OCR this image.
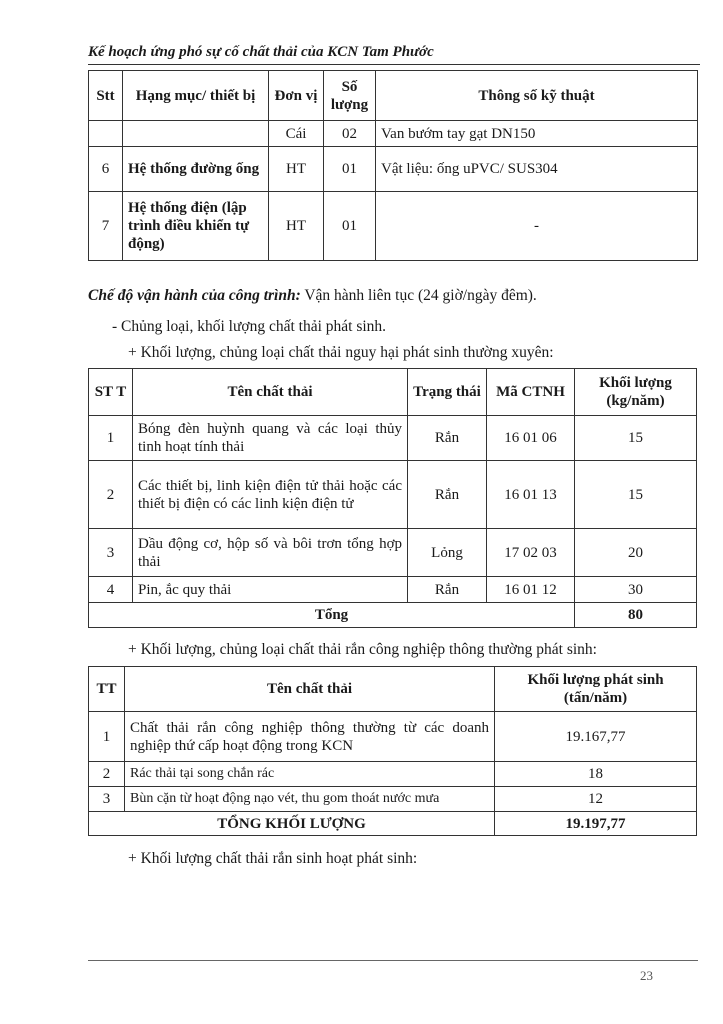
Kế hoạch ứng phó sự cố chất thải của KCN Tam Phước
Stt	Hạng mục/ thiết bị	Đơn vị	Số lượng	Thông số kỹ thuật
		Cái	02	Van bướm tay gạt DN150
6	Hệ thống đường ống	HT	01	Vật liệu: ống uPVC/ SUS304
7	Hệ thống điện (lập trình điều khiển tự động)	HT	01	-
Chế độ vận hành của công trình: Vận hành liên tục (24 giờ/ngày đêm).
- Chủng loại, khối lượng chất thải phát sinh.
+ Khối lượng, chủng loại chất thải nguy hại phát sinh thường xuyên:
ST T	Tên chất thải	Trạng thái	Mã CTNH	Khối lượng (kg/năm)
1	Bóng đèn huỳnh quang và các loại thủy tinh hoạt tính thải	Rắn	16 01 06	15
2	Các thiết bị, linh kiện điện tử thải hoặc các thiết bị điện có các linh kiện điện tử	Rắn	16 01 13	15
3	Dầu động cơ, hộp số và bôi trơn tổng hợp thải	Lỏng	17 02 03	20
4	Pin, ắc quy thải	Rắn	16 01 12	30
Tổng				80
+ Khối lượng, chủng loại chất thải rắn công nghiệp thông thường phát sinh:
TT	Tên chất thải	Khối lượng phát sinh (tấn/năm)
1	Chất thải rắn công nghiệp thông thường từ các doanh nghiệp thứ cấp hoạt động trong KCN	19.167,77
2	Rác thải tại song chắn rác	18
3	Bùn cặn từ hoạt động nạo vét, thu gom thoát nước mưa	12
TỔNG KHỐI LƯỢNG		19.197,77
+ Khối lượng chất thải rắn sinh hoạt phát sinh:
23
